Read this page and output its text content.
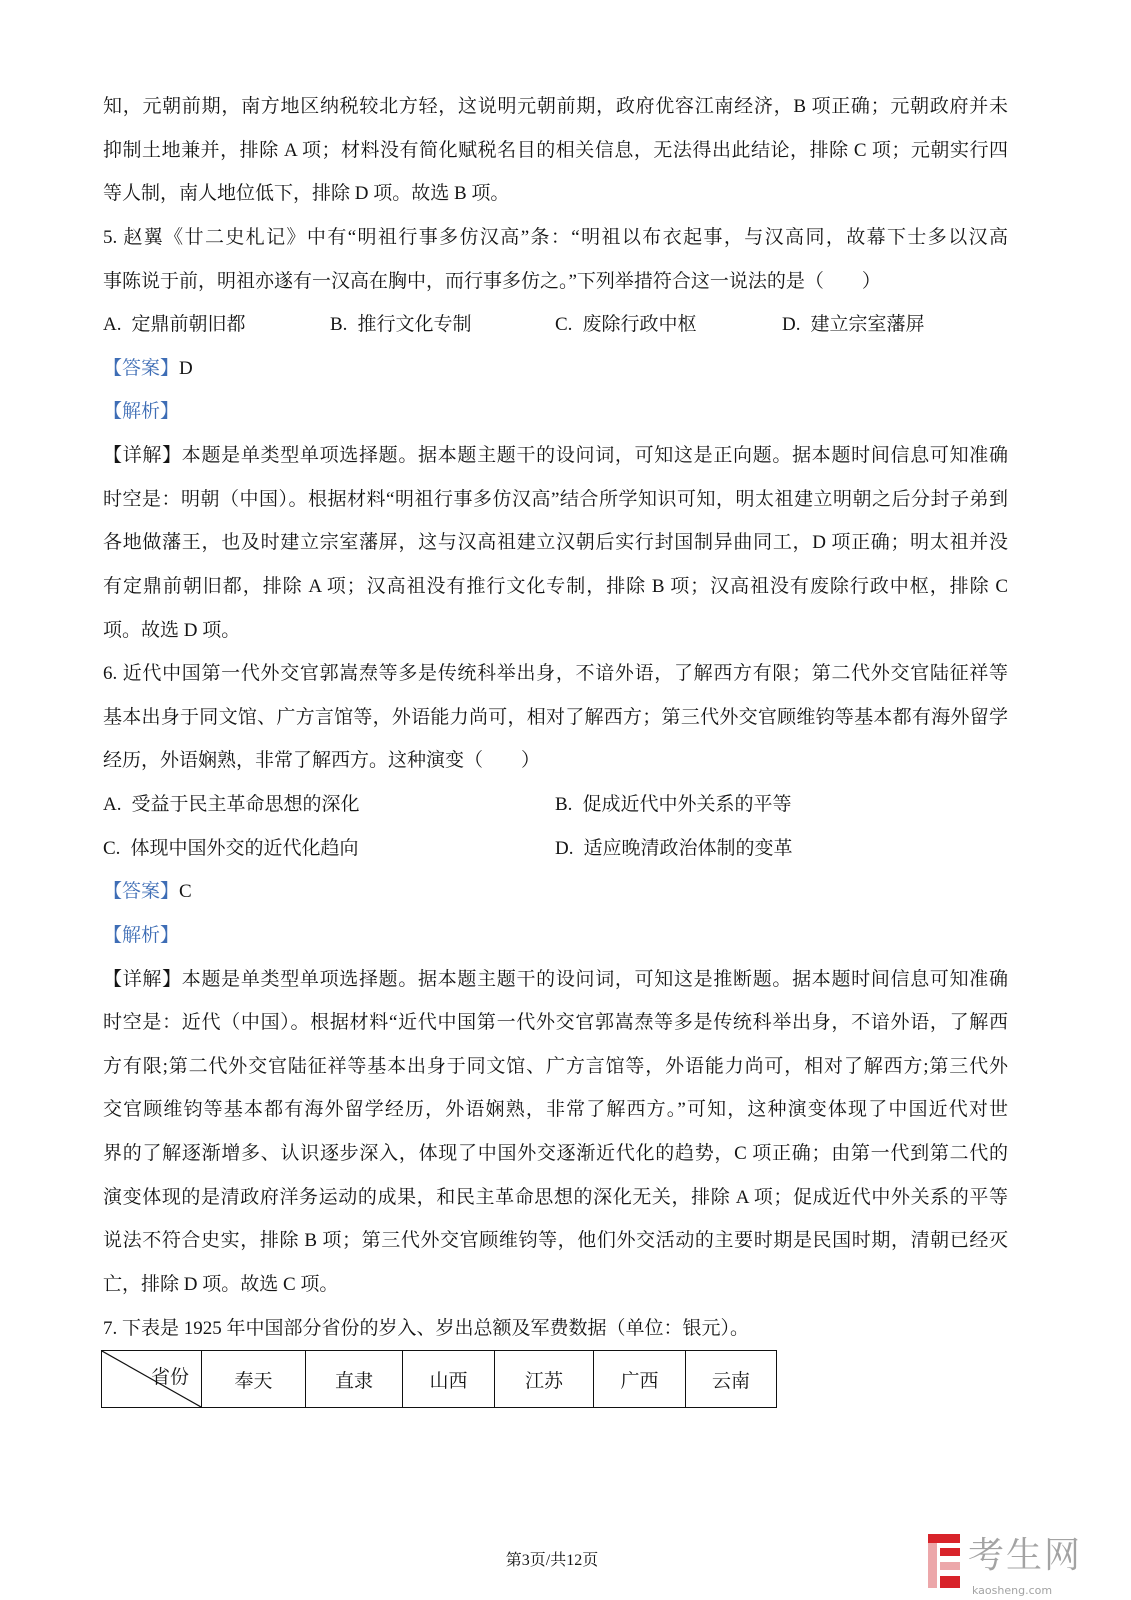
知，元朝前期，南方地区纳税较北方轻，这说明元朝前期，政府优容江南经济，B 项正确；元朝政府并未
抑制土地兼并，排除 A 项；材料没有简化赋税名目的相关信息，无法得出此结论，排除 C 项；元朝实行四
等人制，南人地位低下，排除 D 项。故选 B 项。
5. 赵翼《廿二史札记》中有“明祖行事多仿汉高”条：“明祖以布衣起事，与汉高同，故幕下士多以汉高
事陈说于前，明祖亦遂有一汉高在胸中，而行事多仿之。”下列举措符合这一说法的是（　　）
A. 定鼎前朝旧都	B. 推行文化专制	C. 废除行政中枢	D. 建立宗室藩屏
【答案】D
【解析】
【详解】本题是单类型单项选择题。据本题主题干的设问词，可知这是正向题。据本题时间信息可知准确
时空是：明朝（中国）。根据材料“明祖行事多仿汉高”结合所学知识可知，明太祖建立明朝之后分封子弟到
各地做藩王，也及时建立宗室藩屏，这与汉高祖建立汉朝后实行封国制异曲同工，D 项正确；明太祖并没
有定鼎前朝旧都，排除 A 项；汉高祖没有推行文化专制，排除 B 项；汉高祖没有废除行政中枢，排除 C
项。故选 D 项。
6. 近代中国第一代外交官郭嵩焘等多是传统科举出身，不谙外语，了解西方有限；第二代外交官陆征祥等
基本出身于同文馆、广方言馆等，外语能力尚可，相对了解西方；第三代外交官顾维钧等基本都有海外留学
经历，外语娴熟，非常了解西方。这种演变（　　）
A. 受益于民主革命思想的深化	B. 促成近代中外关系的平等
C. 体现中国外交的近代化趋向	D. 适应晚清政治体制的变革
【答案】C
【解析】
【详解】本题是单类型单项选择题。据本题主题干的设问词，可知这是推断题。据本题时间信息可知准确
时空是：近代（中国）。根据材料“近代中国第一代外交官郭嵩焘等多是传统科举出身，不谙外语，了解西
方有限;第二代外交官陆征祥等基本出身于同文馆、广方言馆等，外语能力尚可，相对了解西方;第三代外
交官顾维钧等基本都有海外留学经历，外语娴熟，非常了解西方。”可知，这种演变体现了中国近代对世
界的了解逐渐增多、认识逐步深入，体现了中国外交逐渐近代化的趋势，C 项正确；由第一代到第二代的
演变体现的是清政府洋务运动的成果，和民主革命思想的深化无关，排除 A 项；促成近代中外关系的平等
说法不符合史实，排除 B 项；第三代外交官顾维钧等，他们外交活动的主要时期是民国时期，清朝已经灭
亡，排除 D 项。故选 C 项。
7. 下表是 1925 年中国部分省份的岁入、岁出总额及军费数据（单位：银元）。
省份	奉天	直隶	山西	江苏	广西	云南
第3页/共12页	考生网
kaosheng.com
